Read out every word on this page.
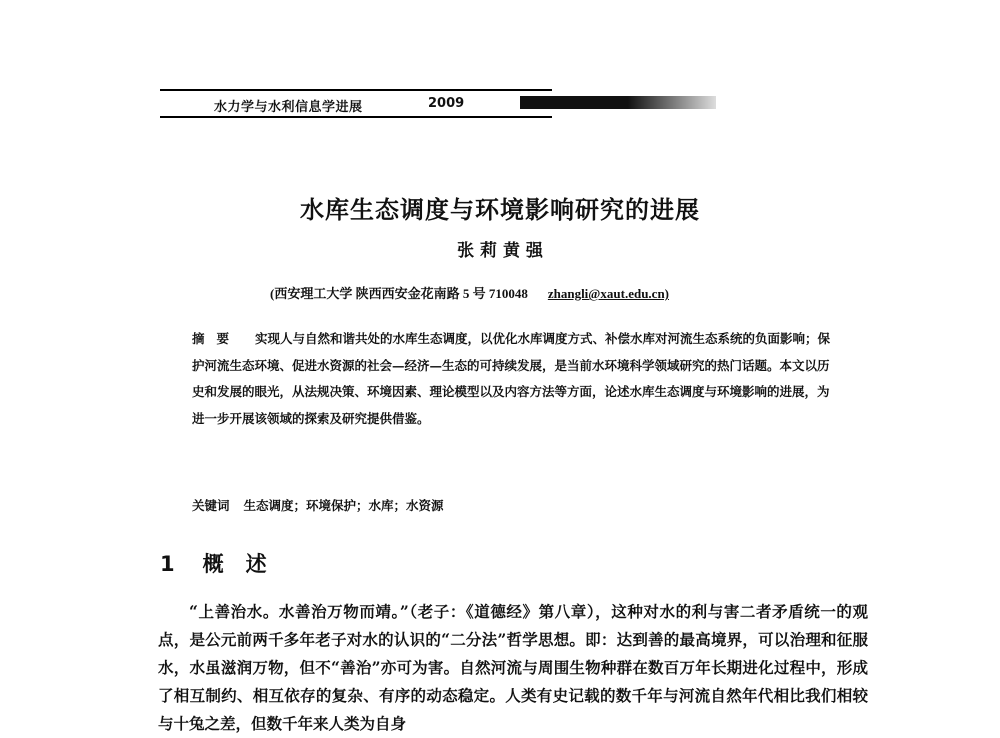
水力学与水利信息学进展	2009
水库生态调度与环境影响研究的进展
张 莉 黄 强
(西安理工大学 陕西西安金花南路 5 号 710048 zhangli@xaut.edu.cn)
摘要 实现人与自然和谐共处的水库生态调度，以优化水库调度方式、补偿水库对河流生态系统的负面影响；保护河流生态环境、促进水资源的社会—经济—生态的可持续发展，是当前水环境科学领域研究的热门话题。本文以历史和发展的眼光，从法规决策、环境因素、理论模型以及内容方法等方面，论述水库生态调度与环境影响的进展，为进一步开展该领域的探索及研究提供借鉴。
关键词 生态调度；环境保护；水库；水资源
1 概述

“上善治水。水善治万物而靖。”（老子：《道德经》第八章），这种对水的利与害二者矛盾统一的观点，是公元前两千多年老子对水的认识的“二分法”哲学思想。即：达到善的最高境界，可以治理和征服水，水虽滋润万物，但不“善治”亦可为害。自然河流与周围生物种群在数百万年长期进化过程中，形成了相互制约、相互依存的复杂、有序的动态稳定。人类有史记载的数千年与河流自然年代相比我们相较与十兔之差，但数千年来人类为自身
